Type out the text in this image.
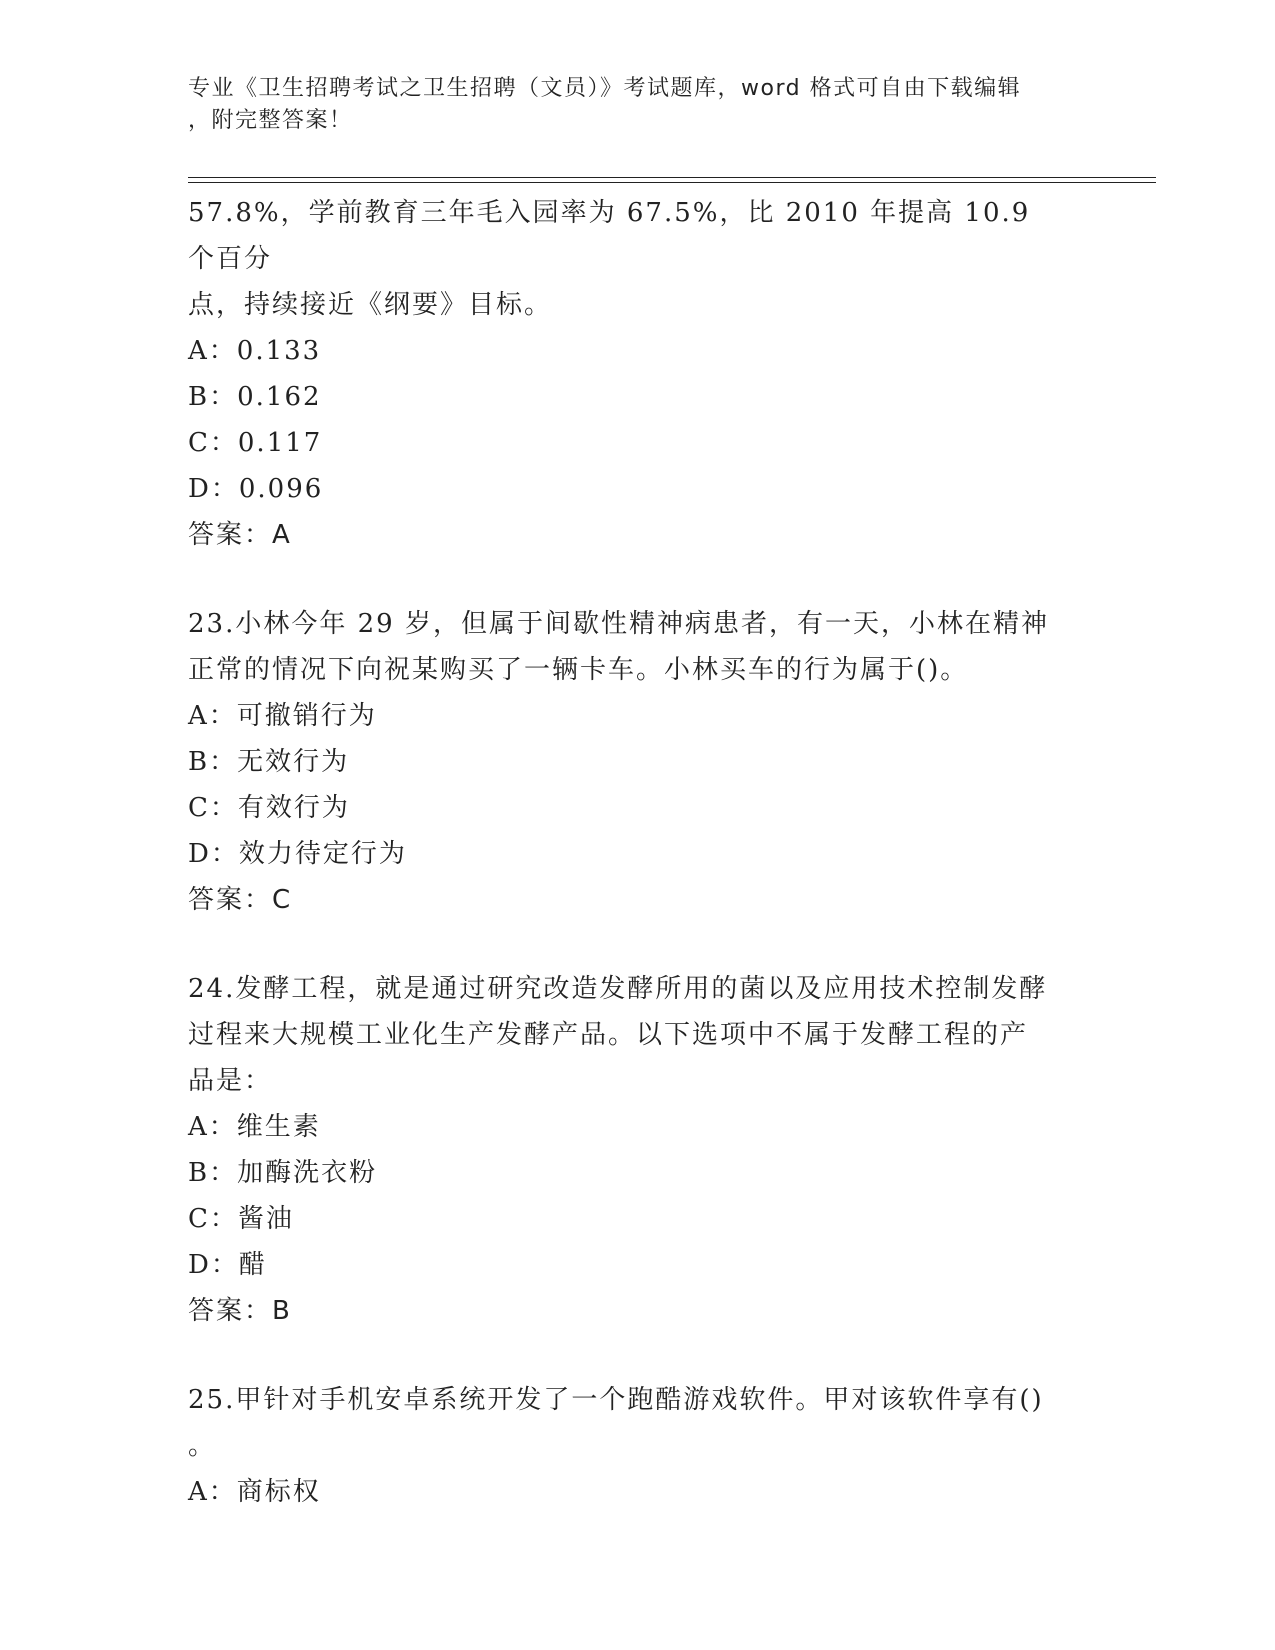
专业《卫生招聘考试之卫生招聘（文员）》考试题库，word 格式可自由下载编辑
，附完整答案！

57.8%，学前教育三年毛入园率为 67.5%，比 2010 年提高 10.9 个百分

点，持续接近《纲要》目标。

A：0.133

B：0.162

C：0.117

D：0.096

答案：A

23.小林今年 29 岁，但属于间歇性精神病患者，有一天，小林在精神

正常的情况下向祝某购买了一辆卡车。小林买车的行为属于()。

A：可撤销行为

B：无效行为

C：有效行为

D：效力待定行为

答案：C

24.发酵工程，就是通过研究改造发酵所用的菌以及应用技术控制发酵

过程来大规模工业化生产发酵产品。以下选项中不属于发酵工程的产

品是：

A：维生素

B：加酶洗衣粉

C：酱油

D：醋

答案：B

25.甲针对手机安卓系统开发了一个跑酷游戏软件。甲对该软件享有()

。

A：商标权
